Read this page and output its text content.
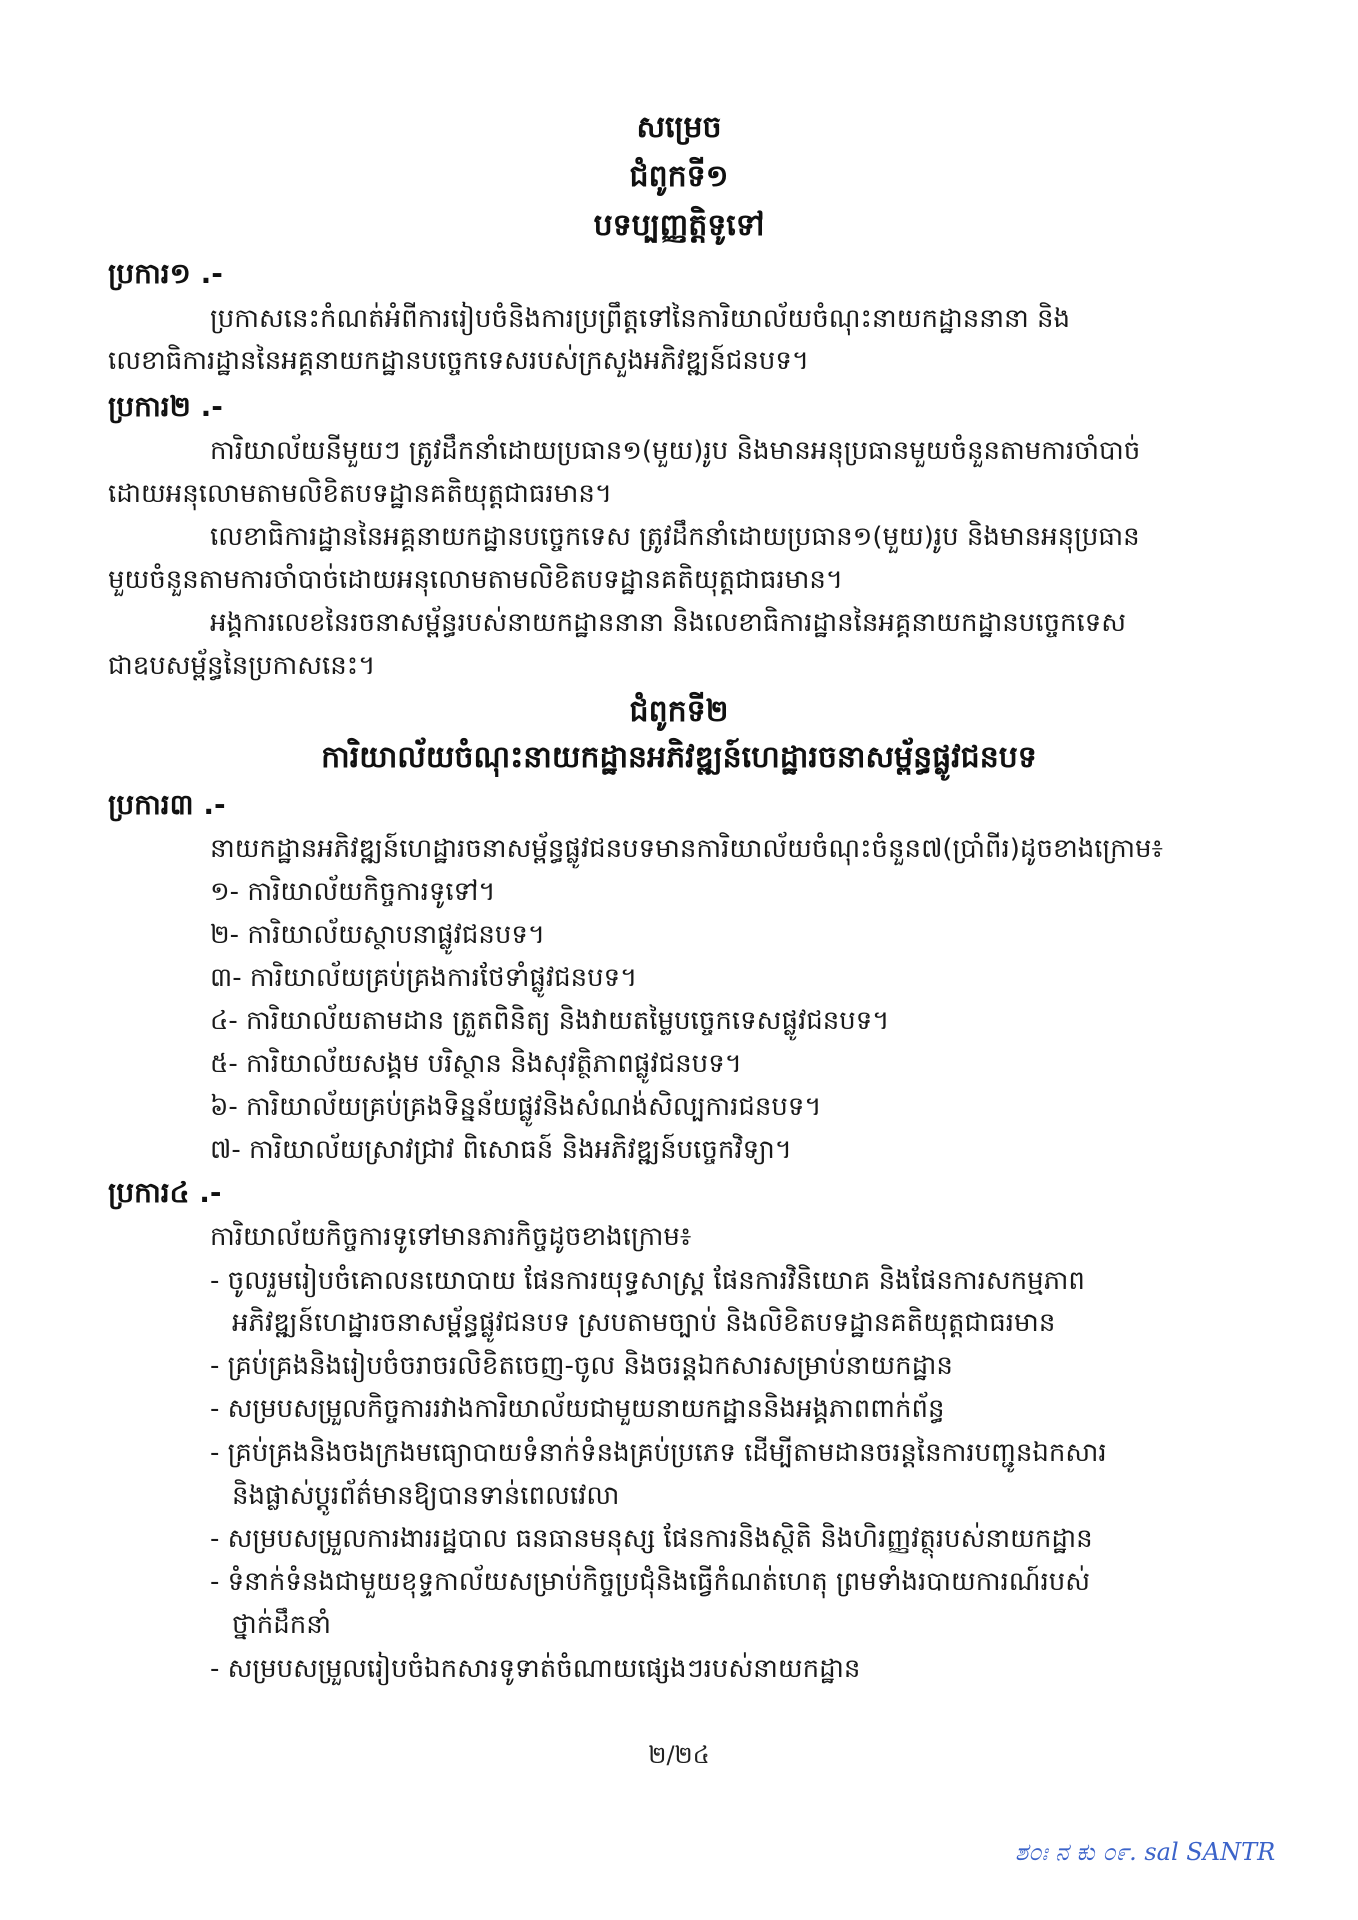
សម្រេច
ជំពូកទី១
បទប្បញ្ញត្តិទូទៅ
ប្រការ១ .-
ប្រកាសនេះកំណត់អំពីការរៀបចំនិងការប្រព្រឹត្តទៅនៃការិយាល័យចំណុះនាយកដ្ឋាននានា និង
លេខាធិការដ្ឋាននៃអគ្គនាយកដ្ឋានបច្ចេកទេសរបស់ក្រសួងអភិវឌ្ឍន៍ជនបទ។
ប្រការ២ .-
ការិយាល័យនីមួយៗ ត្រូវដឹកនាំដោយប្រធាន១(មួយ)រូប និងមានអនុប្រធានមួយចំនួនតាមការចាំបាច់
ដោយអនុលោមតាមលិខិតបទដ្ឋានគតិយុត្តជាធរមាន។
លេខាធិការដ្ឋាននៃអគ្គនាយកដ្ឋានបច្ចេកទេស ត្រូវដឹកនាំដោយប្រធាន១(មួយ)រូប និងមានអនុប្រធាន
មួយចំនួនតាមការចាំបាច់ដោយអនុលោមតាមលិខិតបទដ្ឋានគតិយុត្តជាធរមាន។
អង្គការលេខនៃរចនាសម្ព័ន្ធរបស់នាយកដ្ឋាននានា និងលេខាធិការដ្ឋាននៃអគ្គនាយកដ្ឋានបច្ចេកទេស
ជាឧបសម្ព័ន្ធនៃប្រកាសនេះ។
ជំពូកទី២
ការិយាល័យចំណុះនាយកដ្ឋានអភិវឌ្ឍន៍ហេដ្ឋារចនាសម្ព័ន្ធផ្លូវជនបទ
ប្រការ៣ .-
នាយកដ្ឋានអភិវឌ្ឍន៍ហេដ្ឋារចនាសម្ព័ន្ធផ្លូវជនបទមានការិយាល័យចំណុះចំនួន៧(ប្រាំពីរ)ដូចខាងក្រោម៖
១- ការិយាល័យកិច្ចការទូទៅ។
២- ការិយាល័យស្ថាបនាផ្លូវជនបទ។
៣- ការិយាល័យគ្រប់គ្រងការថែទាំផ្លូវជនបទ។
៤- ការិយាល័យតាមដាន ត្រួតពិនិត្យ និងវាយតម្លៃបច្ចេកទេសផ្លូវជនបទ។
៥- ការិយាល័យសង្គម បរិស្ថាន និងសុវត្ថិភាពផ្លូវជនបទ។
៦- ការិយាល័យគ្រប់គ្រងទិន្នន័យផ្លូវនិងសំណង់សិល្បការជនបទ។
៧- ការិយាល័យស្រាវជ្រាវ ពិសោធន៍ និងអភិវឌ្ឍន៍បច្ចេកវិទ្យា។
ប្រការ៤ .-
ការិយាល័យកិច្ចការទូទៅមានភារកិច្ចដូចខាងក្រោម៖
- ចូលរួមរៀបចំគោលនយោបាយ ផែនការយុទ្ធសាស្ត្រ ផែនការវិនិយោគ និងផែនការសកម្មភាព
អភិវឌ្ឍន៍ហេដ្ឋារចនាសម្ព័ន្ធផ្លូវជនបទ ស្របតាមច្បាប់ និងលិខិតបទដ្ឋានគតិយុត្តជាធរមាន
- គ្រប់គ្រងនិងរៀបចំចរាចរលិខិតចេញ-ចូល និងចរន្តឯកសារសម្រាប់នាយកដ្ឋាន
- សម្របសម្រួលកិច្ចការរវាងការិយាល័យជាមួយនាយកដ្ឋាននិងអង្គភាពពាក់ព័ន្ធ
- គ្រប់គ្រងនិងចងក្រងមធ្យោបាយទំនាក់ទំនងគ្រប់ប្រភេទ ដើម្បីតាមដានចរន្តនៃការបញ្ជូនឯកសារ
និងផ្លាស់ប្តូរព័ត៌មានឱ្យបានទាន់ពេលវេលា
- សម្របសម្រួលការងាររដ្ឋបាល ធនធានមនុស្ស ផែនការនិងស្ថិតិ និងហិរញ្ញវត្ថុរបស់នាយកដ្ឋាន
- ទំនាក់ទំនងជាមួយខុទ្ទកាល័យសម្រាប់កិច្ចប្រជុំនិងធ្វើកំណត់ហេតុ ព្រមទាំងរបាយការណ៍របស់
ថ្នាក់ដឹកនាំ
- សម្របសម្រួលរៀបចំឯកសារទូទាត់ចំណាយផ្សេងៗរបស់នាយកដ្ឋាន
២/២៤
ಶ೦ಃ ನ ಕು ೦೯. sal SANTR
